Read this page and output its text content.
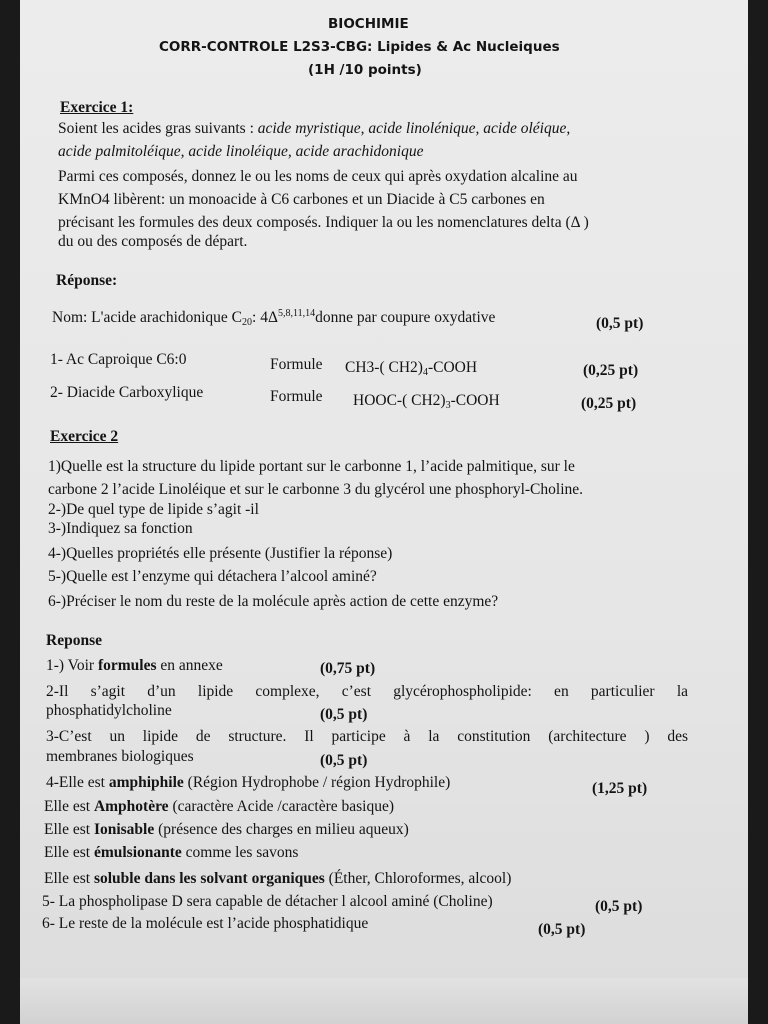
BIOCHIMIE
CORR-CONTROLE L2S3-CBG: Lipides & Ac Nucleiques
(1H /10 points)
Exercice 1:
Soient les acides gras suivants : acide myristique, acide linolénique, acide oléique,
acide palmitoléique, acide linoléique, acide arachidonique
Parmi ces composés, donnez le ou les noms de ceux qui après oxydation alcaline au
KMnO4 libèrent: un monoacide à C6 carbones et un Diacide à C5 carbones en
précisant les formules des deux composés. Indiquer la ou les nomenclatures delta (Δ )
du ou des composés de départ.
Réponse:
Nom: L'acide arachidonique $C_{20}$: $4\Delta^{5,8,11,14}donne$ par coupure oxydative	(0,5 pt)
1- Ac Caproique C6:0	Formule CH3-( $CH2)_4$-COOH	(0,25 pt)
2- Diacide Carboxylique	Formule HOOC-( $CH2)_3$-COOH	(0,25 pt)
Exercice 2
1)Quelle est la structure du lipide portant sur le carbonne 1, l’acide palmitique, sur le
carbone 2 l’acide Linoléique et sur le carbonne 3 du glycérol une phosphoryl-Choline.
2-)De quel type de lipide s’agit -il
3-)Indiquez sa fonction
4-)Quelles propriétés elle présente (Justifier la réponse)
5-)Quelle est l’enzyme qui détachera l’alcool aminé?
6-)Préciser le nom du reste de la molécule après action de cette enzyme?
Reponse
1-) Voir formules en annexe	(0,75 pt)
2-Il s’agit d’un lipide complexe, c’est glycérophospholipide: en particulier la
phosphatidylcholine	(0,5 pt)
3-C’est un lipide de structure. Il participe à la constitution (architecture ) des
membranes biologiques	(0,5 pt)
4-Elle est amphiphile (Région Hydrophobe / région Hydrophile)	(1,25 pt)
Elle est Amphotère (caractère Acide /caractère basique)
Elle est Ionisable (présence des charges en milieu aqueux)
Elle est émulsionante comme les savons
Elle est soluble dans les solvant organiques (Éther, Chloroformes, alcool)
5- La phospholipase D sera capable de détacher l alcool aminé (Choline)	(0,5 pt)
6- Le reste de la molécule est l’acide phosphatidique	(0,5 pt)
